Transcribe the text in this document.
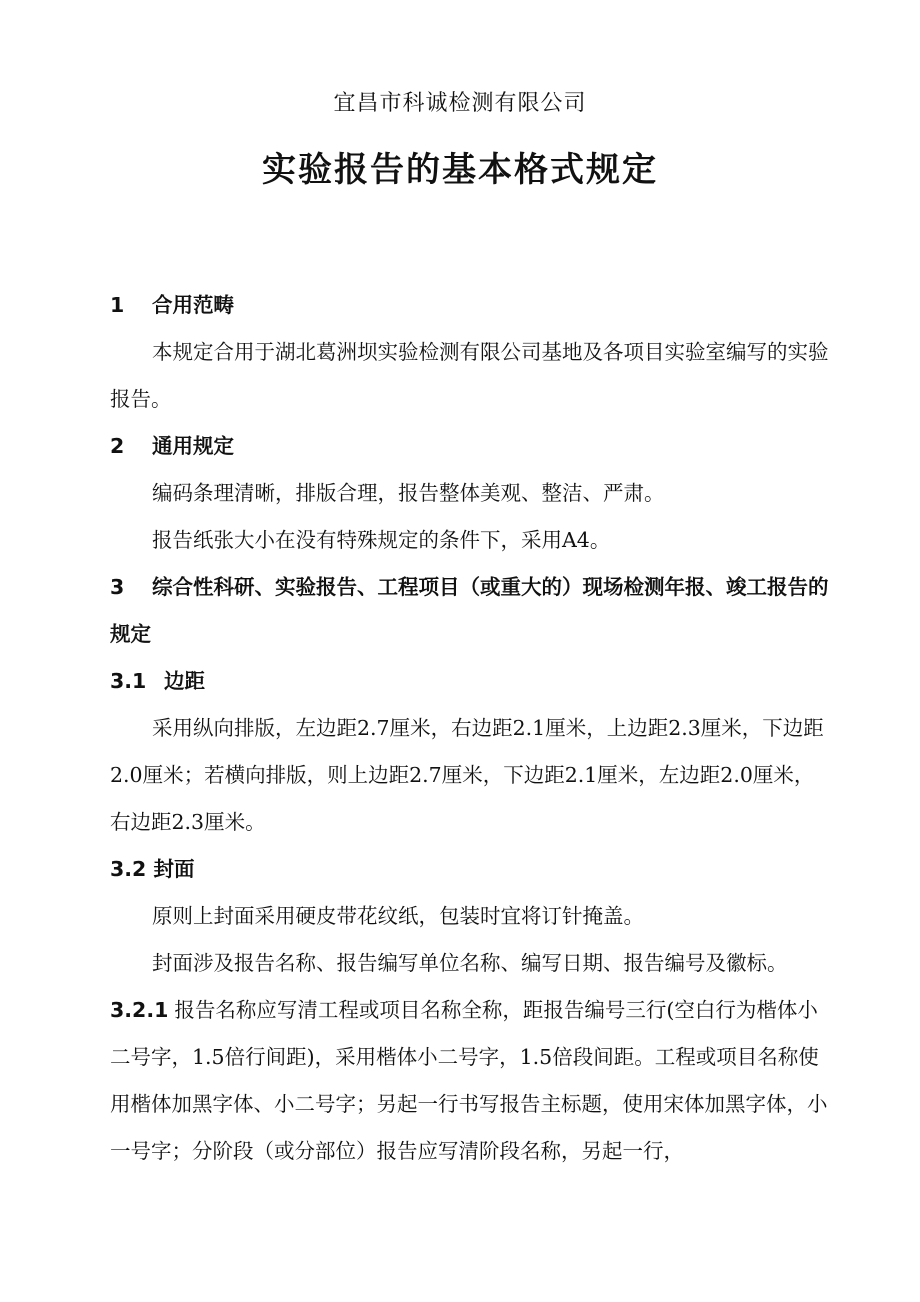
宜昌市科诚检测有限公司
实验报告的基本格式规定

1 合用范畴

本规定合用于湖北葛洲坝实验检测有限公司基地及各项目实验室编写的实验报告。

2 通用规定

编码条理清晰，排版合理，报告整体美观、整洁、严肃。

报告纸张大小在没有特殊规定的条件下，采用A4。

3 综合性科研、实验报告、工程项目（或重大的）现场检测年报、竣工报告的规定

3.1 边距

采用纵向排版，左边距2.7厘米，右边距2.1厘米，上边距2.3厘米，下边距2.0厘米；若横向排版，则上边距2.7厘米，下边距2.1厘米，左边距2.0厘米，右边距2.3厘米。

3.2 封面

原则上封面采用硬皮带花纹纸，包装时宜将订针掩盖。

封面涉及报告名称、报告编写单位名称、编写日期、报告编号及徽标。

3.2.1 报告名称应写清工程或项目名称全称，距报告编号三行(空白行为楷体小二号字，1.5倍行间距)，采用楷体小二号字，1.5倍段间距。工程或项目名称使用楷体加黑字体、小二号字；另起一行书写报告主标题，使用宋体加黑字体，小一号字；分阶段（或分部位）报告应写清阶段名称，另起一行，
